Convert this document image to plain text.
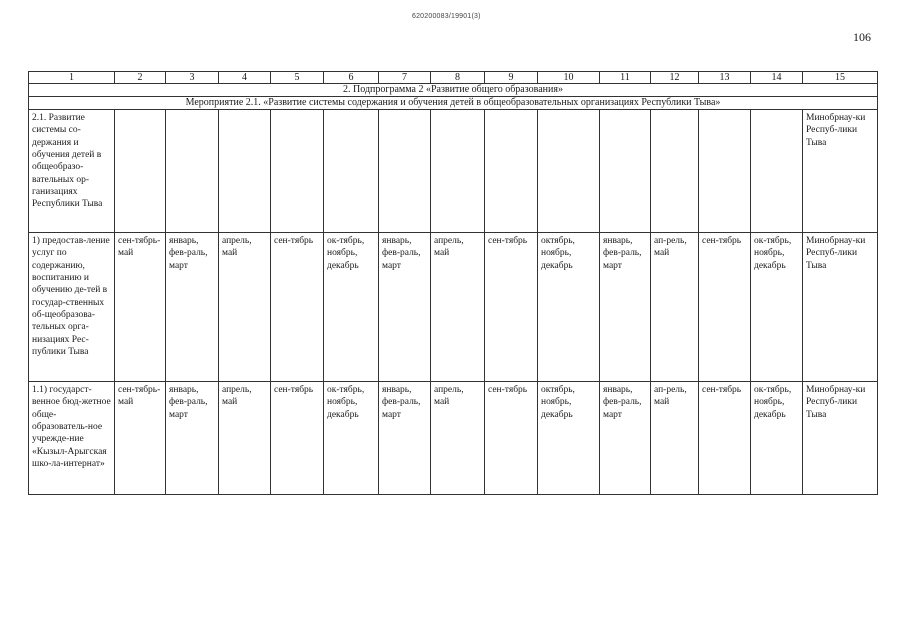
620200083/19901(3)
106
1	2	3	4	5	6	7	8	9	10	11	12	13	14	15
2. Подпрограмма 2 «Развитие общего образования»														
Мероприятие 2.1. «Развитие системы содержания и обучения детей в общеобразовательных организациях Республики Тыва»														
2.1. Развитие системы со-держания и обучения детей в общеобразо-вательных ор-ганизациях Республики Тыва														Минобрнау-ки Респуб-лики Тыва
1) предостав-ление услуг по содержанию, воспитанию и обучению де-тей в государ-ственных об-щеобразова-тельных орга-низациях Рес-публики Тыва	сен-тябрь-май	январь, фев-раль, март	апрель, май	сен-тябрь	ок-тябрь, ноябрь, декабрь	январь, фев-раль, март	апрель, май	сен-тябрь	октябрь, ноябрь, декабрь	январь, фев-раль, март	ап-рель, май	сен-тябрь	ок-тябрь, ноябрь, декабрь	Минобрнау-ки Респуб-лики Тыва
1.1) государст-венное бюд-жетное обще-образователь-ное учрежде-ние «Кызыл-Арыгская шко-ла-интернат»	сен-тябрь-май	январь, фев-раль, март	апрель, май	сен-тябрь	ок-тябрь, ноябрь, декабрь	январь, фев-раль, март	апрель, май	сен-тябрь	октябрь, ноябрь, декабрь	январь, фев-раль, март	ап-рель, май	сен-тябрь	ок-тябрь, ноябрь, декабрь	Минобрнау-ки Респуб-лики Тыва
